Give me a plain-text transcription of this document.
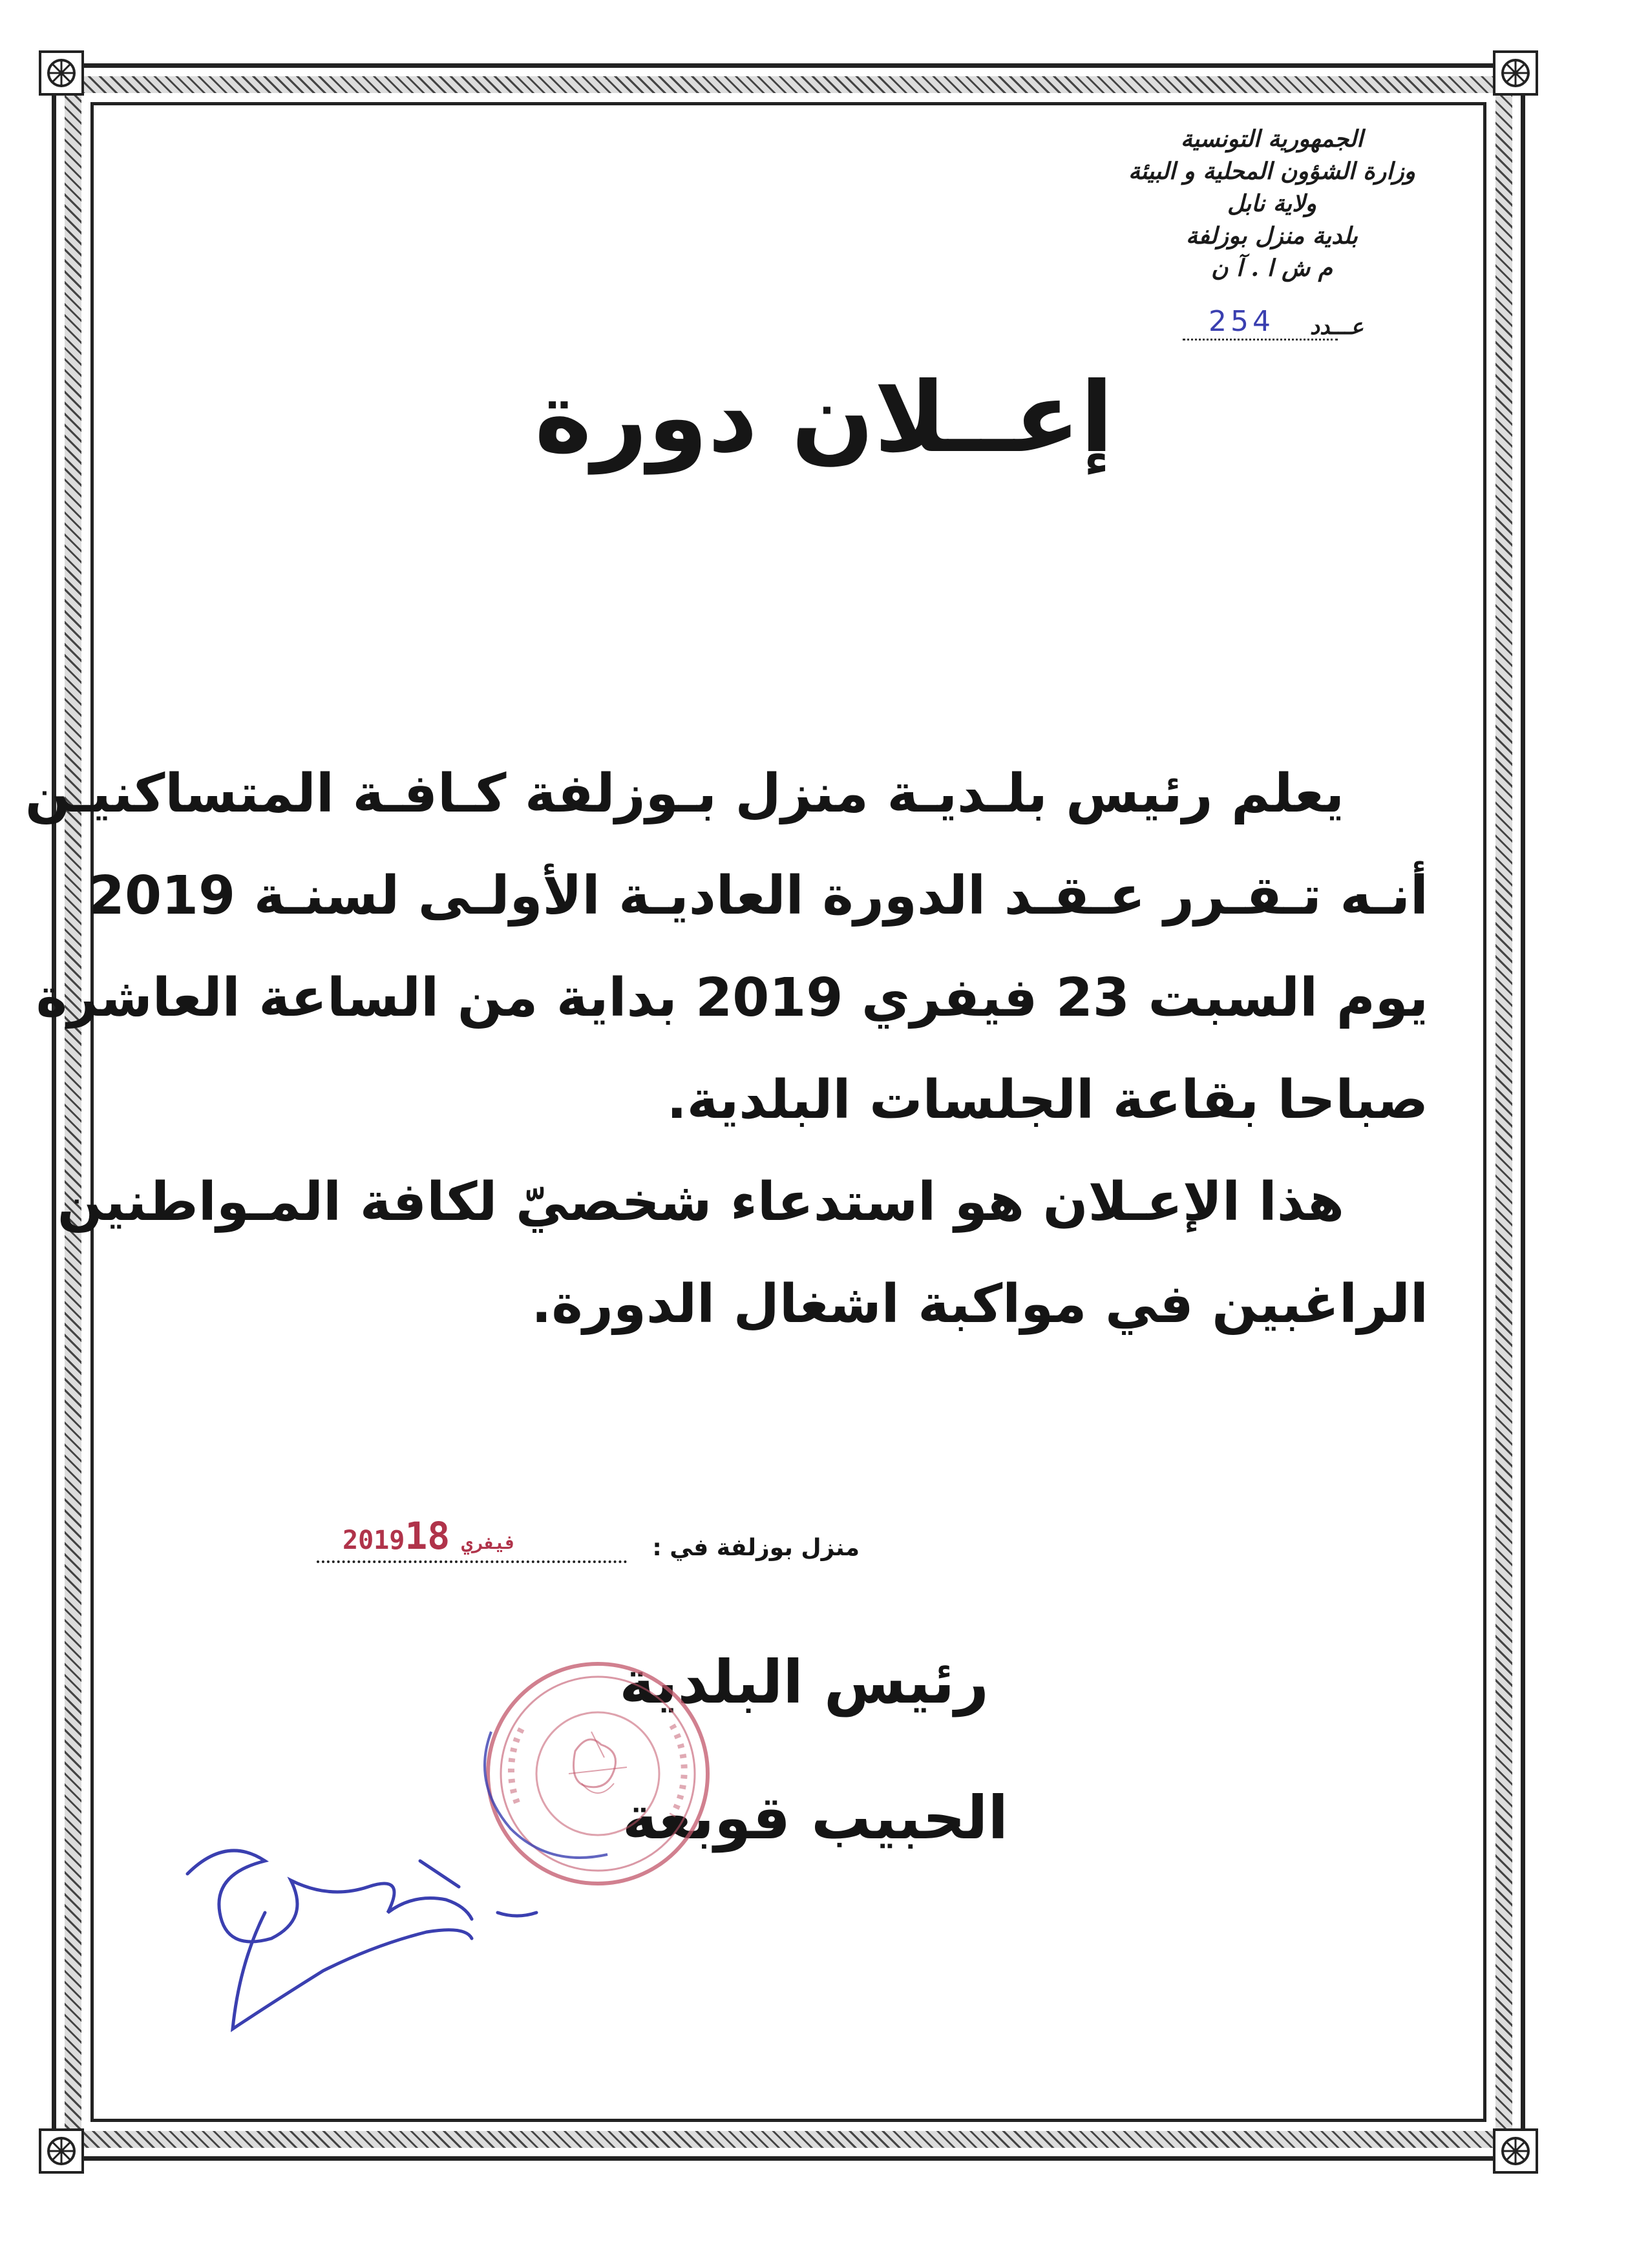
الجمهورية التونسية
وزارة الشؤون المحلية و البيئة
ولاية نابل
بلدية منزل بوزلفة
م ش ا . آ ن
عـــدد
254
إعــلان دورة
يعلم رئيس بلـديـة منزل بـوزلفة كـافـة المتساكنيـن
أنـه تـقـرر عـقـد الدورة العاديـة الأولـى لسنـة 2019
يوم السبت 23 فيفري 2019 بداية من الساعة العاشرة
صباحا بقاعة الجلسات البلدية.
هذا الإعـلان هو استدعاء شخصيّ لكافة المـواطنين
الراغبين في مواكبة اشغال الدورة.
منزل بوزلفة في :
2019	فيفري18
رئيس البلدية
الحبيب قوبعة
